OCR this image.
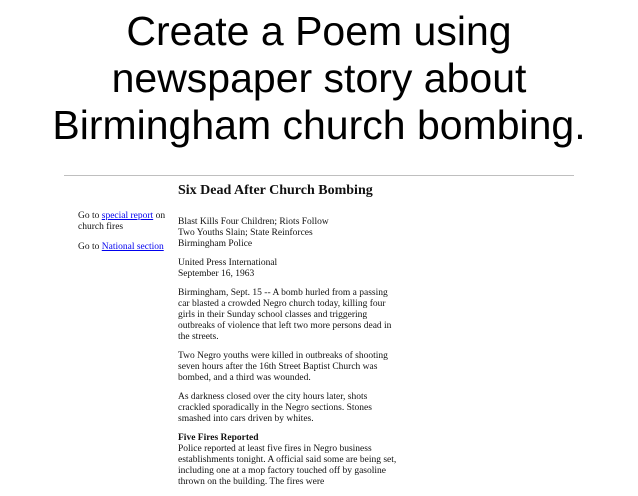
Create a Poem using
newspaper story about
Birmingham church bombing.
Six Dead After Church Bombing

Go to special report on church fires

Go to National section

Blast Kills Four Children; Riots Follow
Two Youths Slain; State Reinforces
Birmingham Police

United Press International
September 16, 1963

Birmingham, Sept. 15 -- A bomb hurled from a passing car blasted a crowded Negro church today, killing four girls in their Sunday school classes and triggering outbreaks of violence that left two more persons dead in the streets.

Two Negro youths were killed in outbreaks of shooting seven hours after the 16th Street Baptist Church was bombed, and a third was wounded.

As darkness closed over the city hours later, shots crackled sporadically in the Negro sections. Stones smashed into cars driven by whites.

Five Fires Reported

Police reported at least five fires in Negro business establishments tonight. A official said some are being set, including one at a mop factory touched off by gasoline thrown on the building. The fires were
